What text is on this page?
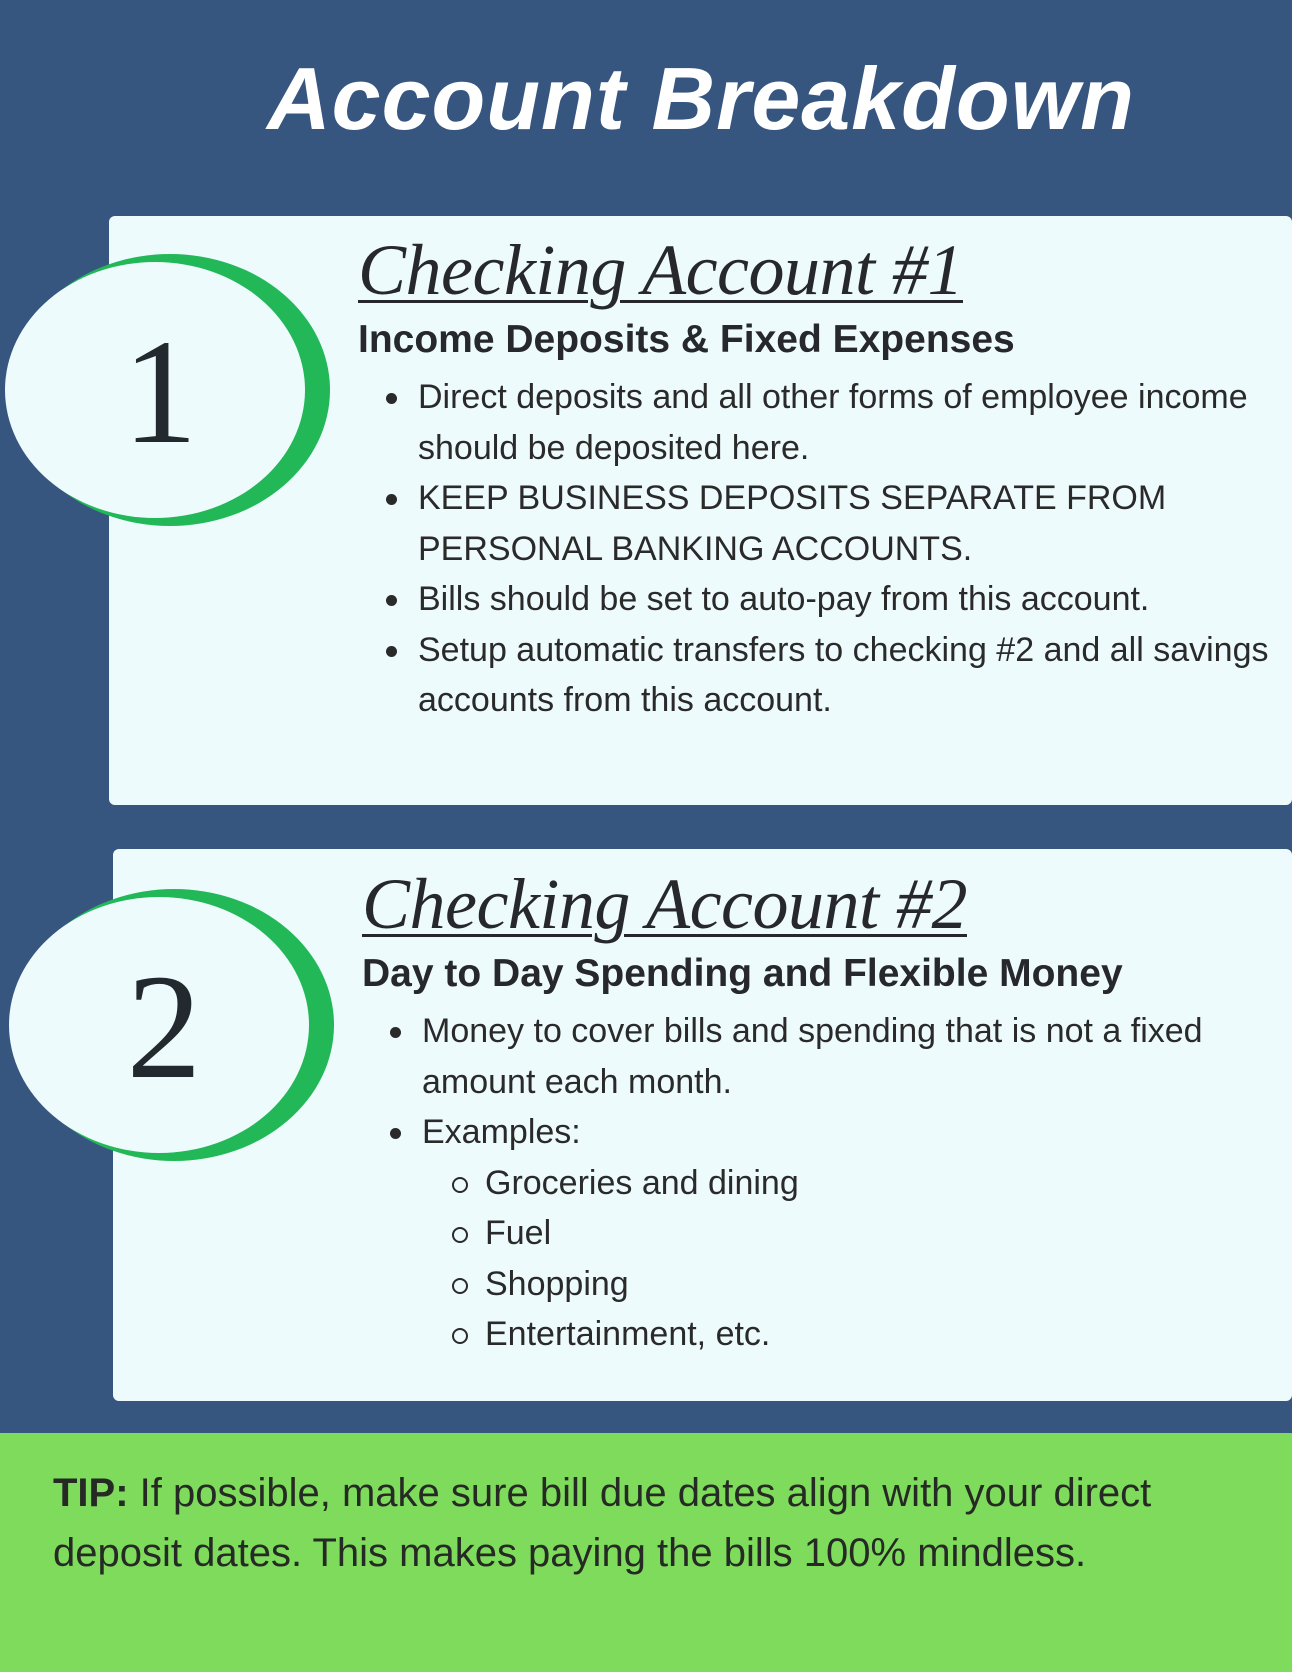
Account Breakdown
1
Checking Account #1
Income Deposits & Fixed Expenses
Direct deposits and all other forms of employee income should be deposited here.
KEEP BUSINESS DEPOSITS SEPARATE FROM PERSONAL BANKING ACCOUNTS.
Bills should be set to auto-pay from this account.
Setup automatic transfers to checking #2 and all savings accounts from this account.
2
Checking Account #2
Day to Day Spending and Flexible Money
Money to cover bills and spending that is not a fixed amount each month.
Examples:
Groceries and dining
Fuel
Shopping
Entertainment, etc.
TIP: If possible, make sure bill due dates align with your direct deposit dates. This makes paying the bills 100% mindless.
